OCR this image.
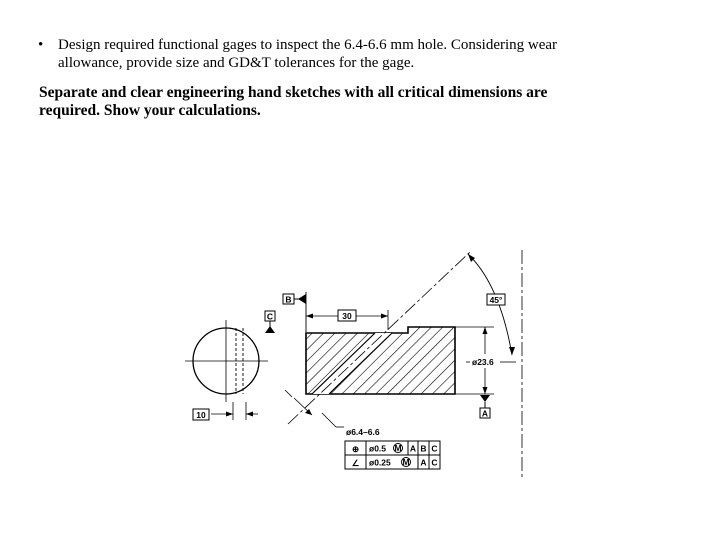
• Design required functional gages to inspect the 6.4-6.6 mm hole. Considering wear
allowance, provide size and GD&T tolerances for the gage.
Separate and clear engineering hand sketches with all critical dimensions are
required. Show your calculations.
10
C
B
30
ø6.4–6.6
⊕ ø0.5 M A B C
∠ ø0.25 M A C
45°
ø23.6
A
